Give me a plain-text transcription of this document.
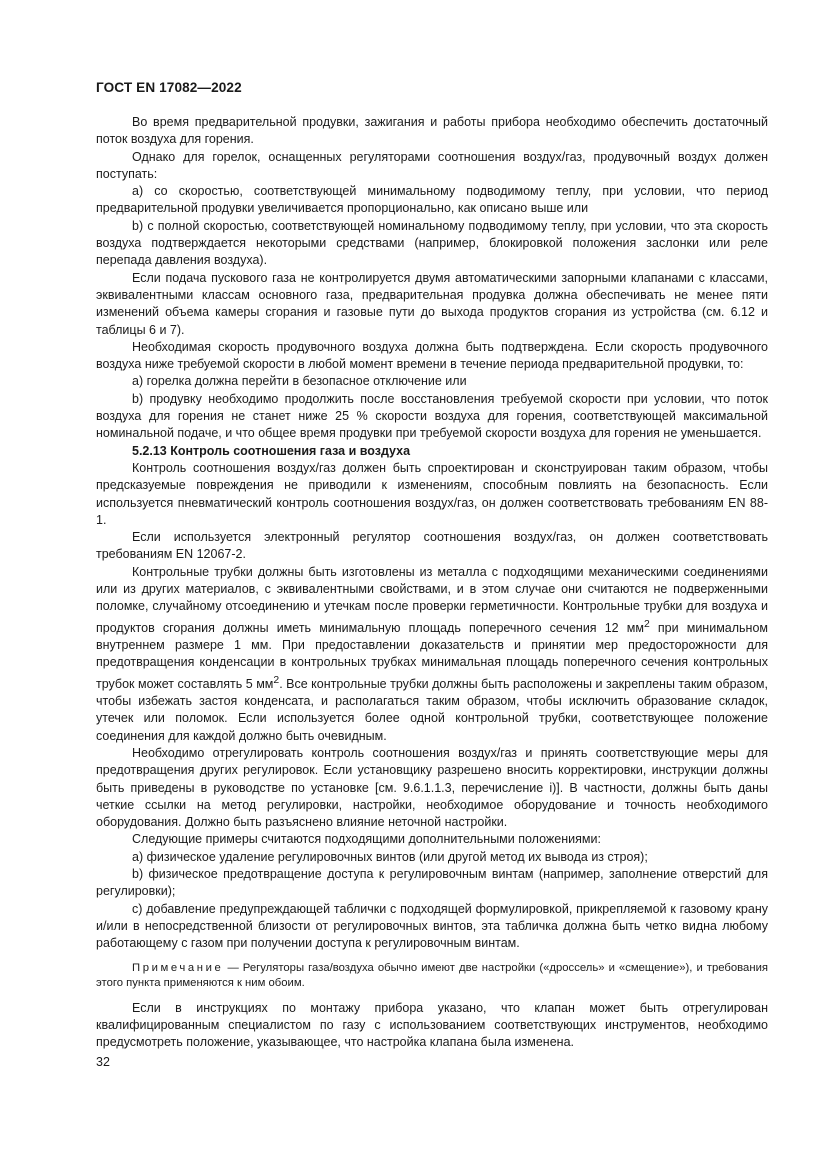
ГОСТ EN 17082—2022

Во время предварительной продувки, зажигания и работы прибора необходимо обеспечить достаточный поток воздуха для горения.

Однако для горелок, оснащенных регуляторами соотношения воздух/газ, продувочный воздух должен поступать:

a) со скоростью, соответствующей минимальному подводимому теплу, при условии, что период предварительной продувки увеличивается пропорционально, как описано выше или

b) с полной скоростью, соответствующей номинальному подводимому теплу, при условии, что эта скорость воздуха подтверждается некоторыми средствами (например, блокировкой положения заслонки или реле перепада давления воздуха).

Если подача пускового газа не контролируется двумя автоматическими запорными клапанами с классами, эквивалентными классам основного газа, предварительная продувка должна обеспечивать не менее пяти изменений объема камеры сгорания и газовые пути до выхода продуктов сгорания из устройства (см. 6.12 и таблицы 6 и 7).

Необходимая скорость продувочного воздуха должна быть подтверждена. Если скорость продувочного воздуха ниже требуемой скорости в любой момент времени в течение периода предварительной продувки, то:

a) горелка должна перейти в безопасное отключение или

b) продувку необходимо продолжить после восстановления требуемой скорости при условии, что поток воздуха для горения не станет ниже 25 % скорости воздуха для горения, соответствующей максимальной номинальной подаче, и что общее время продувки при требуемой скорости воздуха для горения не уменьшается.

5.2.13 Контроль соотношения газа и воздуха

Контроль соотношения воздух/газ должен быть спроектирован и сконструирован таким образом, чтобы предсказуемые повреждения не приводили к изменениям, способным повлиять на безопасность. Если используется пневматический контроль соотношения воздух/газ, он должен соответствовать требованиям EN 88-1.

Если используется электронный регулятор соотношения воздух/газ, он должен соответствовать требованиям EN 12067-2.

Контрольные трубки должны быть изготовлены из металла с подходящими механическими соединениями или из других материалов, с эквивалентными свойствами, и в этом случае они считаются не подверженными поломке, случайному отсоединению и утечкам после проверки герметичности. Контрольные трубки для воздуха и продуктов сгорания должны иметь минимальную площадь поперечного сечения 12 $мм^2$ при минимальном внутреннем размере 1 мм. При предоставлении доказательств и принятии мер предосторожности для предотвращения конденсации в контрольных трубках минимальная площадь поперечного сечения контрольных трубок может составлять 5 $мм^2$. Все контрольные трубки должны быть расположены и закреплены таким образом, чтобы избежать застоя конденсата, и располагаться таким образом, чтобы исключить образование складок, утечек или поломок. Если используется более одной контрольной трубки, соответствующее положение соединения для каждой должно быть очевидным.

Необходимо отрегулировать контроль соотношения воздух/газ и принять соответствующие меры для предотвращения других регулировок. Если установщику разрешено вносить корректировки, инструкции должны быть приведены в руководстве по установке [см. 9.6.1.1.3, перечисление i)]. В частности, должны быть даны четкие ссылки на метод регулировки, настройки, необходимое оборудование и точность необходимого оборудования. Должно быть разъяснено влияние неточной настройки.

Следующие примеры считаются подходящими дополнительными положениями:

a) физическое удаление регулировочных винтов (или другой метод их вывода из строя);

b) физическое предотвращение доступа к регулировочным винтам (например, заполнение отверстий для регулировки);

c) добавление предупреждающей таблички с подходящей формулировкой, прикрепляемой к газовому крану и/или в непосредственной близости от регулировочных винтов, эта табличка должна быть четко видна любому работающему с газом при получении доступа к регулировочным винтам.

Примечание — Регуляторы газа/воздуха обычно имеют две настройки («дроссель» и «смещение»), и требования этого пункта применяются к ним обоим.

Если в инструкциях по монтажу прибора указано, что клапан может быть отрегулирован квалифицированным специалистом по газу с использованием соответствующих инструментов, необходимо предусмотреть положение, указывающее, что настройка клапана была изменена.

32
